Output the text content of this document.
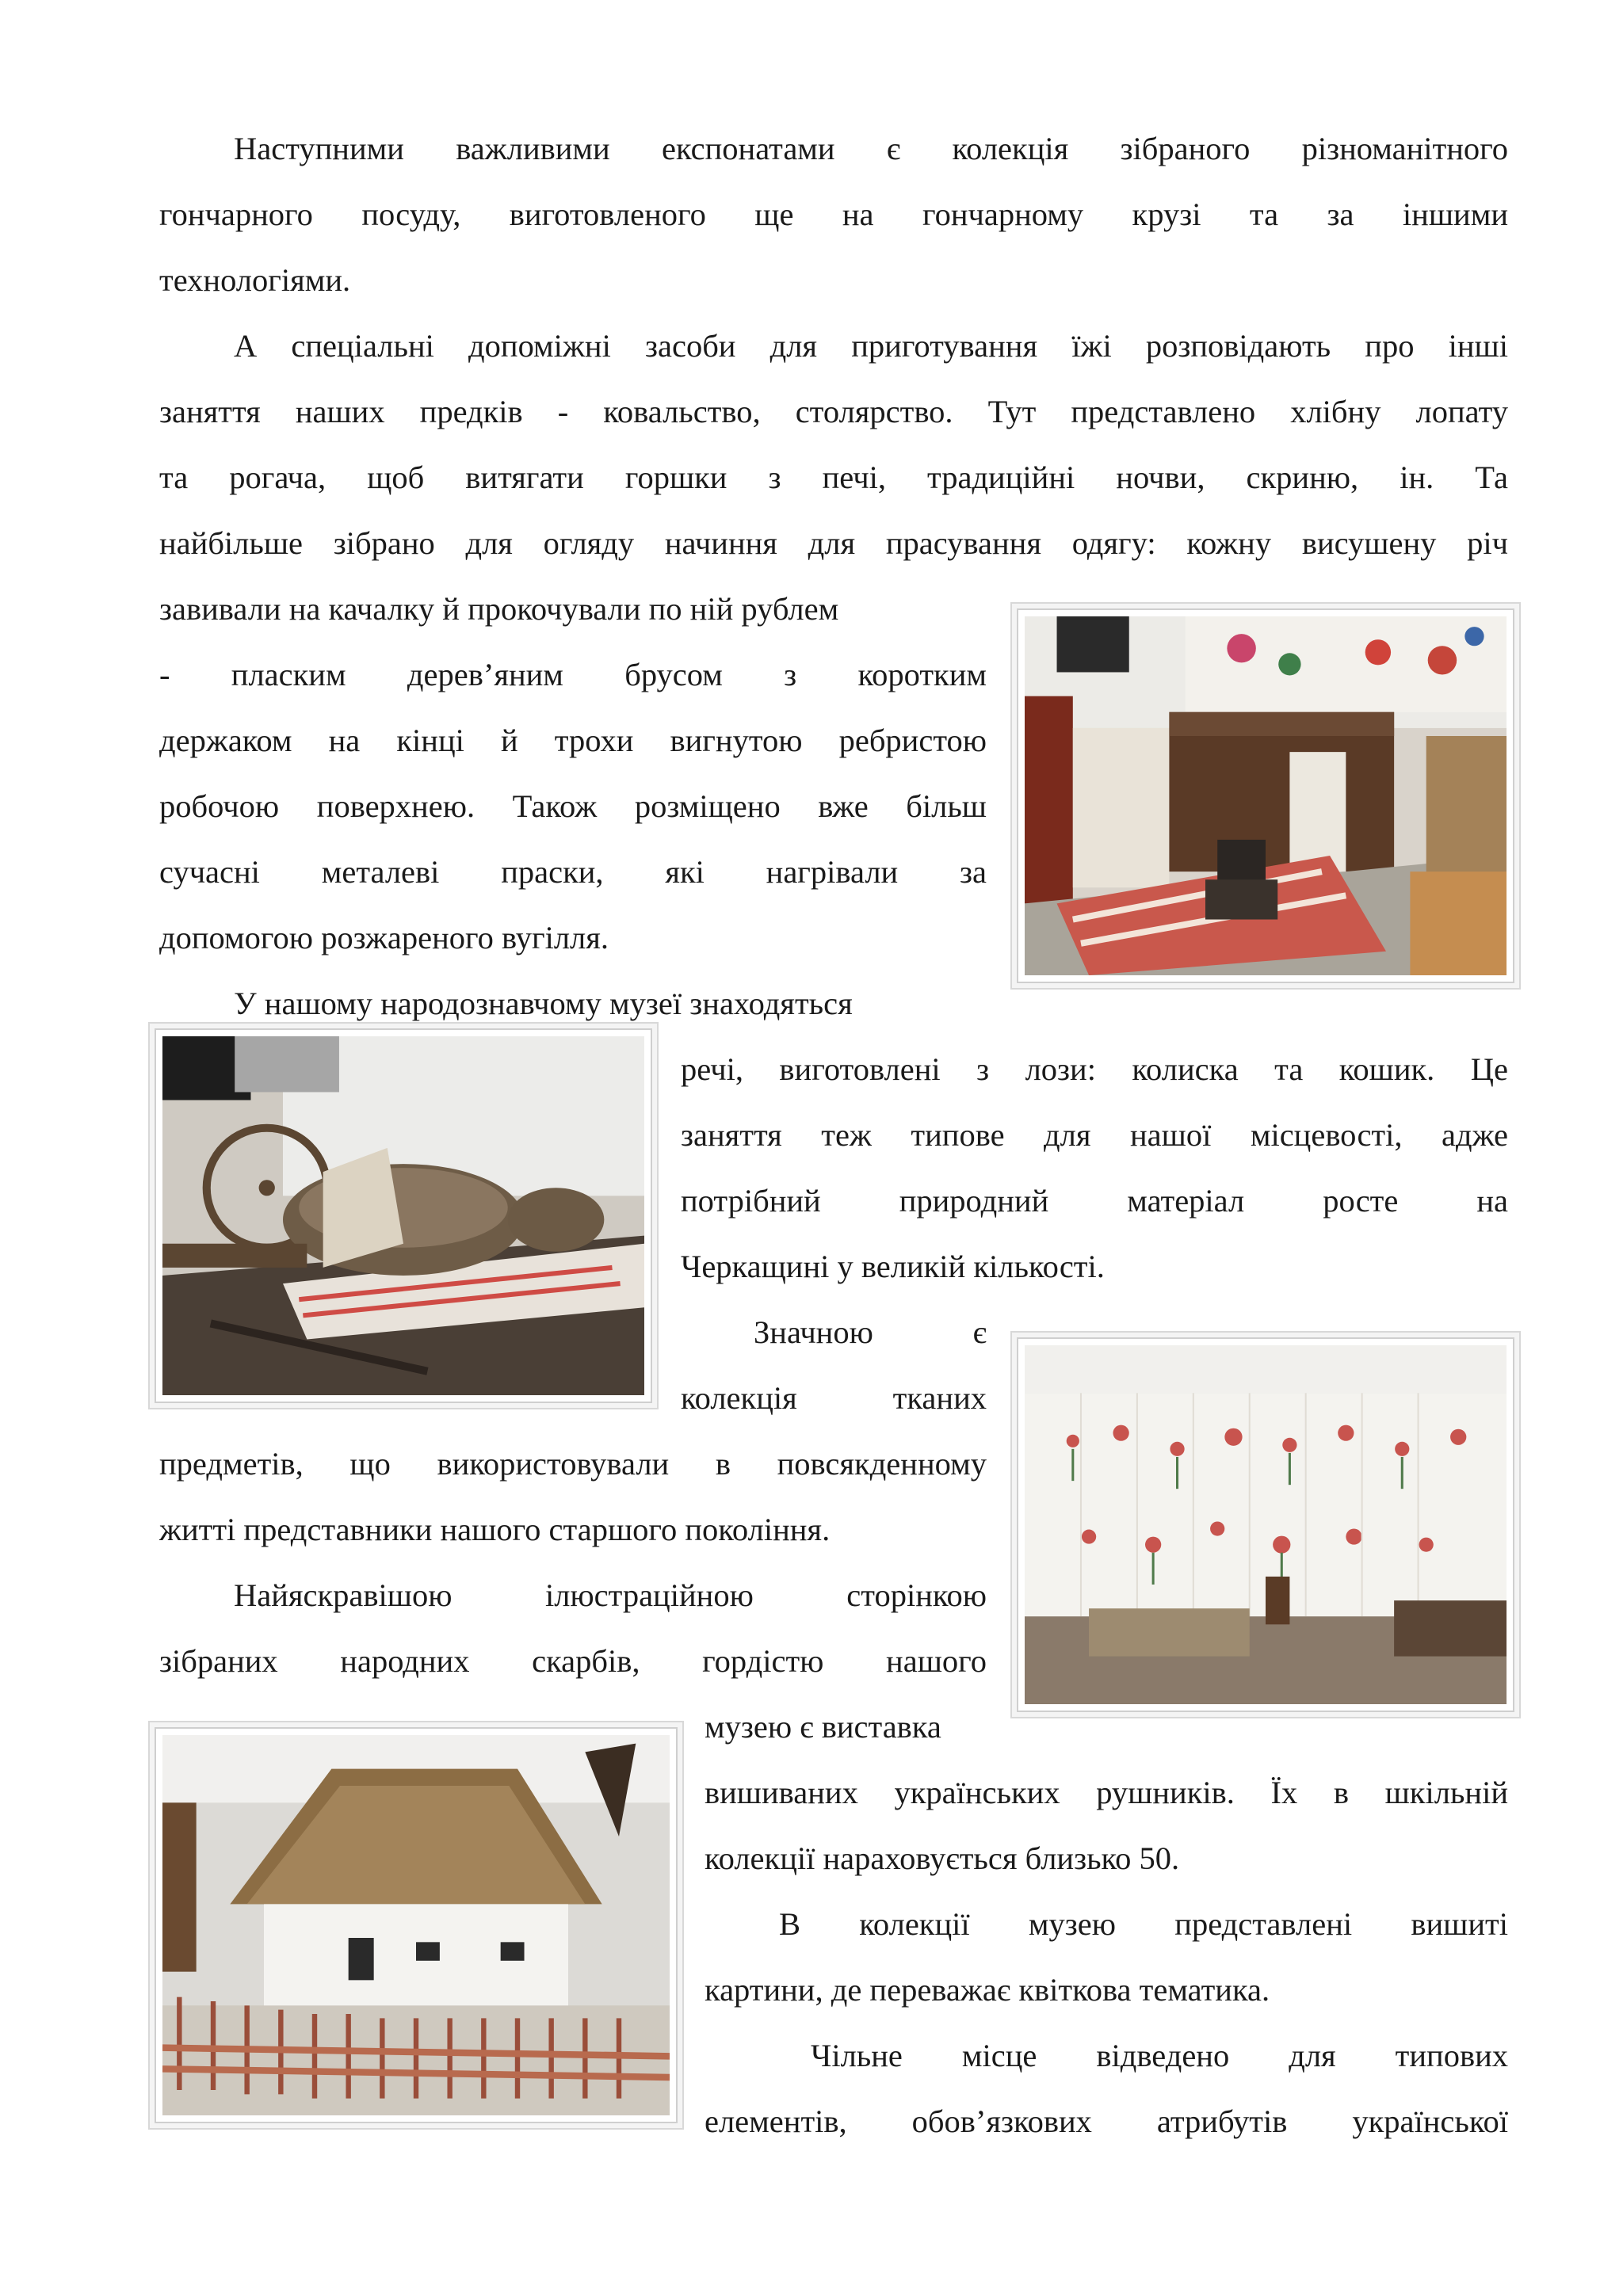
Наступними важливими експонатами є колекція зібраного різноманітного
гончарного посуду, виготовленого ще на гончарному крузі та за іншими
технологіями.
А спеціальні допоміжні засоби для приготування їжі розповідають про інші
заняття наших предків - ковальство, столярство. Тут представлено хлібну лопату
та рогача, щоб витягати горшки з печі, традиційні ночви, скриню, ін. Та
найбільше зібрано для огляду начиння для прасування одягу: кожну висушену річ
завивали на качалку й прокочували по ній рублем
- пласким дерев’яним брусом з коротким
держаком на кінці й трохи вигнутою ребристою
робочою поверхнею. Також розміщено вже більш
сучасні металеві праски, які нагрівали за
допомогою розжареного вугілля.
У нашому народознавчому музеї знаходяться
речі, виготовлені з лози: колиска та кошик. Це
заняття теж типове для нашої місцевості, адже
потрібний природний матеріал росте на
Черкащині у великій кількості.
Значною є
колекція тканих
предметів, що використовували в повсякденному
житті представники нашого старшого покоління.
Найяскравішою ілюстраційною сторінкою
зібраних народних скарбів, гордістю нашого
музею є виставка
вишиваних українських рушників. Їх в шкільній
колекції нараховується близько 50.
В колекції музею представлені вишиті
картини, де переважає квіткова тематика.
Чільне місце відведено для типових
елементів, обов’язкових атрибутів української
